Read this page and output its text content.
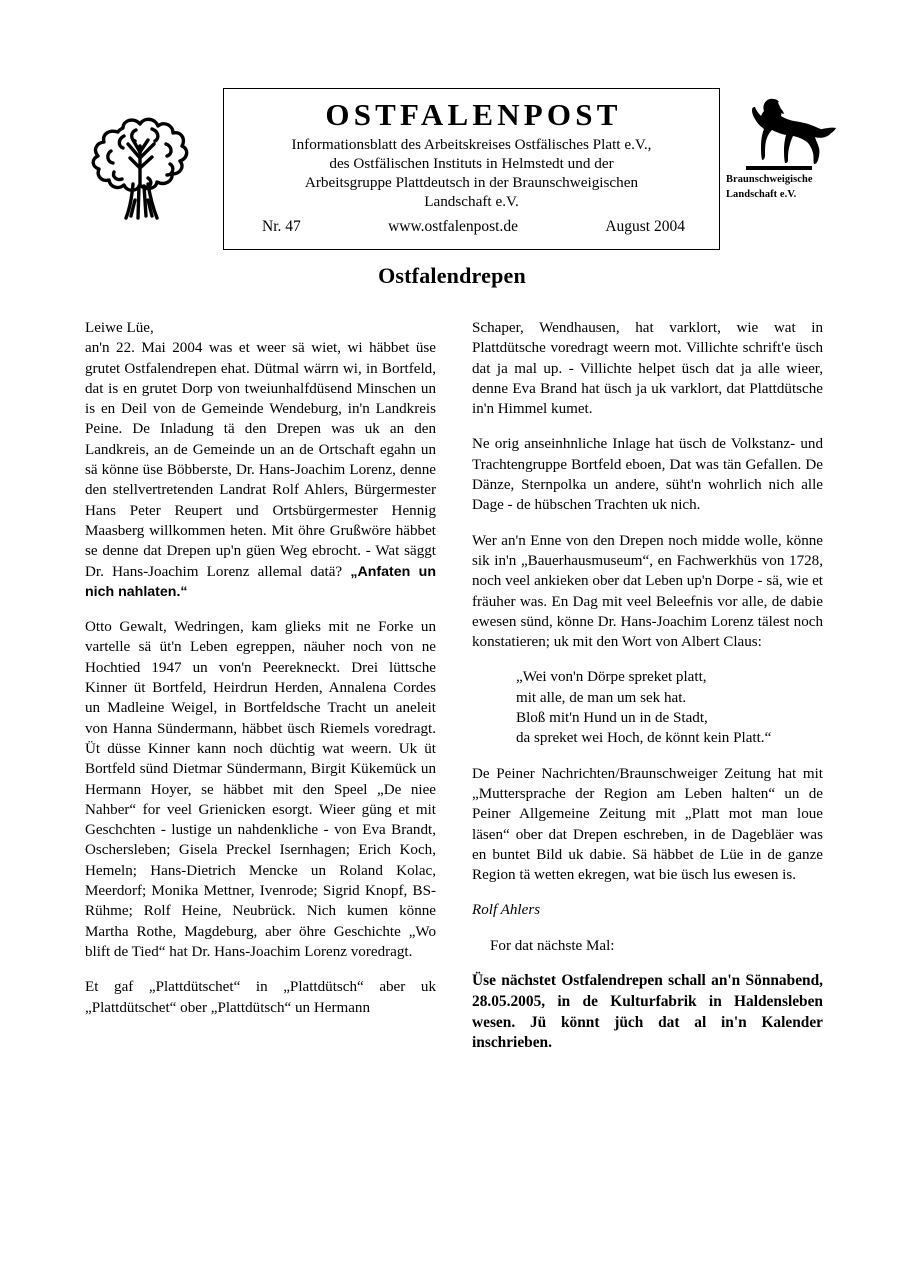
OSTFALENPOST
Informationsblatt des Arbeitskreises Ostfälisches Platt e.V.,
des Ostfälischen Instituts in Helmstedt und der
Arbeitsgruppe Plattdeutsch in der Braunschweigischen
Landschaft e.V.
Nr. 47	www.ostfalenpost.de	August 2004
Braunschweigische
Landschaft e.V.
Ostfalendrepen

Leiwe Lüe,

an'n 22. Mai 2004 was et weer sä wiet, wi häbbet üse grutet Ostfalendrepen ehat. Dütmal wärrn wi, in Bortfeld, dat is en grutet Dorp von tweiunhalfdüsend Minschen un is en Deil von de Gemeinde Wendeburg, in'n Landkreis Peine. De Inladung tä den Drepen was uk an den Landkreis, an de Gemeinde un an de Ortschaft egahn un sä könne üse Böbberste, Dr. Hans-Joachim Lorenz, denne den stellvertretenden Landrat Rolf Ahlers, Bürgermester Hans Peter Reupert und Ortsbürgermester Hennig Maasberg willkommen heten. Mit öhre Grußwöre häbbet se denne dat Drepen up'n güen Weg ebrocht. - Wat säggt Dr. Hans-Joachim Lorenz allemal datä? „Anfaten un nich nahlaten.“

Otto Gewalt, Wedringen, kam glieks mit ne Forke un vartelle sä üt'n Leben egreppen, näuher noch von ne Hochtied 1947 un von'n Peerekneckt. Drei lüttsche Kinner üt Bortfeld, Heirdrun Herden, Annalena Cordes un Madleine Weigel, in Bortfeldsche Tracht un aneleit von Hanna Sündermann, häbbet üsch Riemels voredragt. Üt düsse Kinner kann noch düchtig wat weern. Uk üt Bortfeld sünd Dietmar Sündermann, Birgit Kükemück un Hermann Hoyer, se häbbet mit den Speel „De niee Nahber“ for veel Grienicken esorgt. Wieer güng et mit Geschchten - lustige un nahdenkliche - von Eva Brandt, Oschersleben; Gisela Preckel Isernhagen; Erich Koch, Hemeln; Hans-Dietrich Mencke un Roland Kolac, Meerdorf; Monika Mettner, Ivenrode; Sigrid Knopf, BS-Rühme; Rolf Heine, Neubrück. Nich kumen könne Martha Rothe, Magdeburg, aber öhre Geschichte „Wo blift de Tied“ hat Dr. Hans-Joachim Lorenz voredragt.

Et gaf „Plattdütschet“ in „Plattdütsch“ aber uk „Plattdütschet“ ober „Plattdütsch“ un Hermann

Schaper, Wendhausen, hat varklort, wie wat in Plattdütsche voredragt weern mot. Villichte schrift'e üsch dat ja mal up. - Villichte helpet üsch dat ja alle wieer, denne Eva Brand hat üsch ja uk varklort, dat Plattdütsche in'n Himmel kumet.

Ne orig anseinhnliche Inlage hat üsch de Volkstanz- und Trachtengruppe Bortfeld eboen, Dat was tän Gefallen. De Dänze, Sternpolka un andere, süht'n wohrlich nich alle Dage - de hübschen Trachten uk nich.

Wer an'n Enne von den Drepen noch midde wolle, könne sik in'n „Bauerhausmuseum“, en Fachwerkhüs von 1728, noch veel ankieken ober dat Leben up'n Dorpe - sä, wie et fräuher was. En Dag mit veel Beleefnis vor alle, de dabie ewesen sünd, könne Dr. Hans-Joachim Lorenz tälest noch konstatieren; uk mit den Wort von Albert Claus:

„Wei von'n Dörpe spreket platt,
mit alle, de man um sek hat.
Bloß mit'n Hund un in de Stadt,
da spreket wei Hoch, de könnt kein Platt.“

De Peiner Nachrichten/Braunschweiger Zeitung hat mit „Muttersprache der Region am Leben halten“ un de Peiner Allgemeine Zeitung mit „Platt mot man loue läsen“ ober dat Drepen eschreben, in de Dagebläer was en buntet Bild uk dabie. Sä häbbet de Lüe in de ganze Region tä wetten ekregen, wat bie üsch lus ewesen is.

Rolf Ahlers

For dat nächste Mal:

Üse nächstet Ostfalendrepen schall an'n Sönnabend, 28.05.2005, in de Kulturfabrik in Haldensleben wesen. Jü könnt jüch dat al in'n Kalender inschrieben.
